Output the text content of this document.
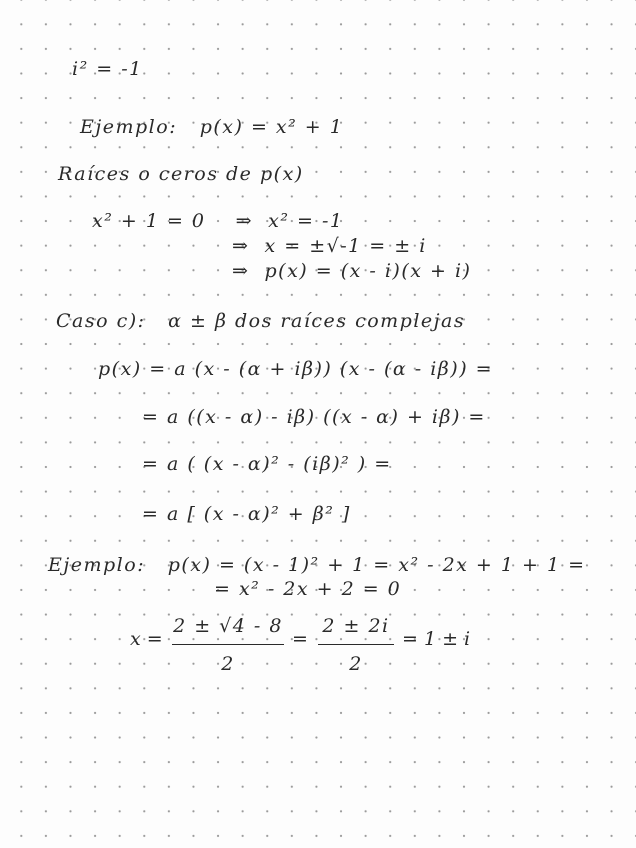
i² = -1
Ejemplo:   p(x) = x² + 1
Raíces o ceros de p(x)
x² + 1 = 0    ⇒  x² = -1
⇒  x = ±√-1 = ± i
⇒  p(x) = (x - i)(x + i)
Caso c):   α ± β dos raíces complejas
p(x) = a (x - (α + iβ)) (x - (α - iβ)) =
= a ((x - α) - iβ) ((x - α) + iβ) =
= a ( (x - α)² - (iβ)² ) =
= a [ (x - α)² + β² ]
Ejemplo:   p(x) = (x - 1)² + 1 = x² - 2x + 1 + 1 =
= x² - 2x + 2 = 0
x =
2 ± √4 - 8
2
=
2 ± 2i
2
= 1 ± i
